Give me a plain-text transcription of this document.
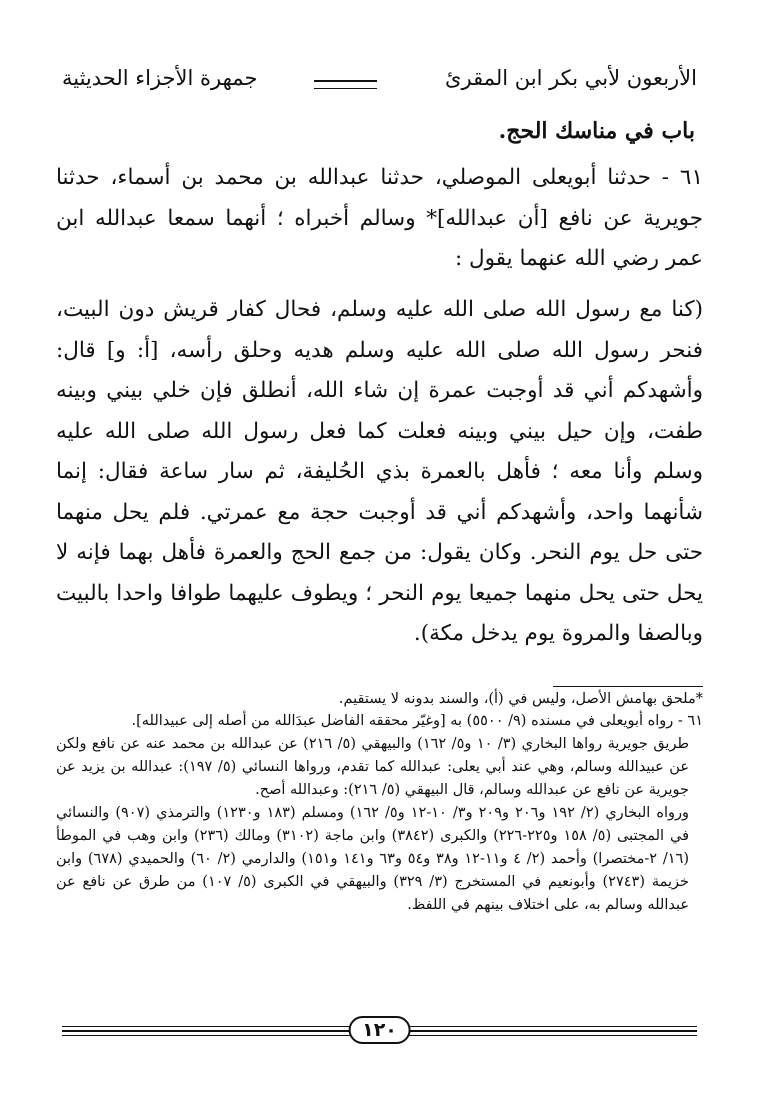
الأربعون لأبي بكر ابن المقرئ
جمهرة الأجزاء الحديثية
باب في مناسك الحج.

٦١ - حدثنا أبويعلى الموصلي، حدثنا عبدالله بن محمد بن أسماء، حدثنا جويرية عن نافع [أن عبدالله]* وسالم أخبراه ؛ أنهما سمعا عبدالله ابن عمر رضي الله عنهما يقول :

(كنا مع رسول الله صلى الله عليه وسلم، فحال كفار قريش دون البيت، فنحر رسول الله صلى الله عليه وسلم هديه وحلق رأسه، [أ: و] قال: وأشهدكم أني قد أوجبت عمرة إن شاء الله، أنطلق فإن خلي بيني وبينه طفت، وإن حيل بيني وبينه فعلت كما فعل رسول الله صلى الله عليه وسلم وأنا معه ؛ فأهل بالعمرة بذي الحُليفة، ثم سار ساعة فقال: إنما شأنهما واحد، وأشهدكم أني قد أوجبت حجة مع عمرتي. فلم يحل منهما حتى حل يوم النحر. وكان يقول: من جمع الحج والعمرة فأهل بهما فإنه لا يحل حتى يحل منهما جميعا يوم النحر ؛ ويطوف عليهما طوافا واحدا بالبيت وبالصفا والمروة يوم يدخل مكة).

*ملحق بهامش الأصل، وليس في (أ)، والسند بدونه لا يستقيم.

٦١ - رواه أبويعلى في مسنده (٩/ ٥٥٠٠) به [وغيّر محققه الفاضل عبدَالله من أصله إلى عبيدالله].

طريق جويرية رواها البخاري (٣/ ١٠ و٥/ ١٦٢) والبيهقي (٥/ ٢١٦) عن عبدالله بن محمد عنه عن نافع ولكن عن عبيدالله وسالم، وهي عند أبي يعلى: عبدالله كما تقدم، ورواها النسائي (٥/ ١٩٧): عبدالله بن يزيد عن جويرية عن نافع عن عبدالله وسالم، قال البيهقي (٥/ ٢١٦): وعبدالله أصح.

ورواه البخاري (٢/ ١٩٢ و٢٠٦ و٢٠٩ و٣/ ١٠-١٢ و٥/ ١٦٢) ومسلم (١٨٣ و١٢٣٠) والترمذي (٩٠٧) والنسائي في المجتبى (٥/ ١٥٨ و٢٢٥-٢٢٦) والكبرى (٣٨٤٢) وابن ماجة (٣١٠٢) ومالك (٢٣٦) وابن وهب في الموطأ (١٦/ ٢-مختصرا) وأحمد (٢/ ٤ و١١-١٢ و٣٨ و٥٤ و٦٣ و١٤١ و١٥١) والدارمي (٢/ ٦٠) والحميدي (٦٧٨) وابن خزيمة (٢٧٤٣) وأبونعيم في المستخرج (٣/ ٣٢٩) والبيهقي في الكبرى (٥/ ١٠٧) من طرق عن نافع عن عبدالله وسالم به، على اختلاف بينهم في اللفظ.

١٢٠
